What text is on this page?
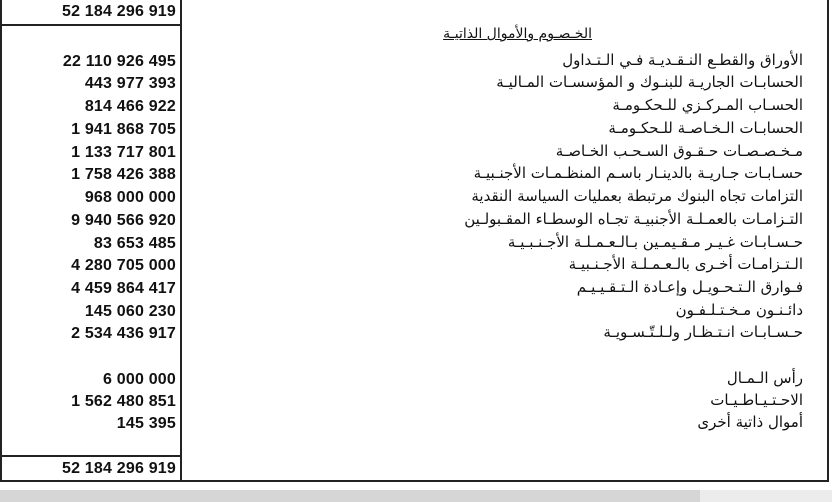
52 184 296 919
الخـصـوم والأموال الذاتيـة
22 110 926 495	الأوراق والقطـع النـقـديـة فـي الـتـداول
443 977 393	الحسابـات الجاريـة للبنـوك و المؤسسـات المـاليـة
814 466 922	الحسـاب المـركـزي للـحكـومـة
1 941 868 705	الحسابـات الـخـاصـة للـحكـومـة
1 133 717 801	مـخـصـصـات حـقـوق السـحـب الخـاصـة
1 758 426 388	حسـابـات جـاريـة بالدينـار باسـم المنظـمـات الأجنـبيـة
968 000 000	التزامات تجاه البنوك مرتبطة بعمليات السياسة النقدية
9 940 566 920	التـزامـات بالعمـلـة الأجنبيـة تجـاه الوسطـاء المقـبولـين
83 653 485	حـسـابـات غـيـر مـقـيمـين بـالـعـمـلـة الأجـنـبـيـة
4 280 705 000	الـتـزامـات أخـرى بالـعـمـلـة الأجـنـبيـة
4 459 864 417	فـوارق الـتـحـويـل وإعـادة الـتـقـيـيـم
145 060 230	دائـنـون مـخـتـلـفـون
2 534 436 917	حـسـابـات انـتـظـار ولـلـتّـسـويـة
6 000 000	رأس الـمـال
1 562 480 851	الاحـتـيـاطـيـات
145 395	أموال ذاتية أخرى
52 184 296 919
